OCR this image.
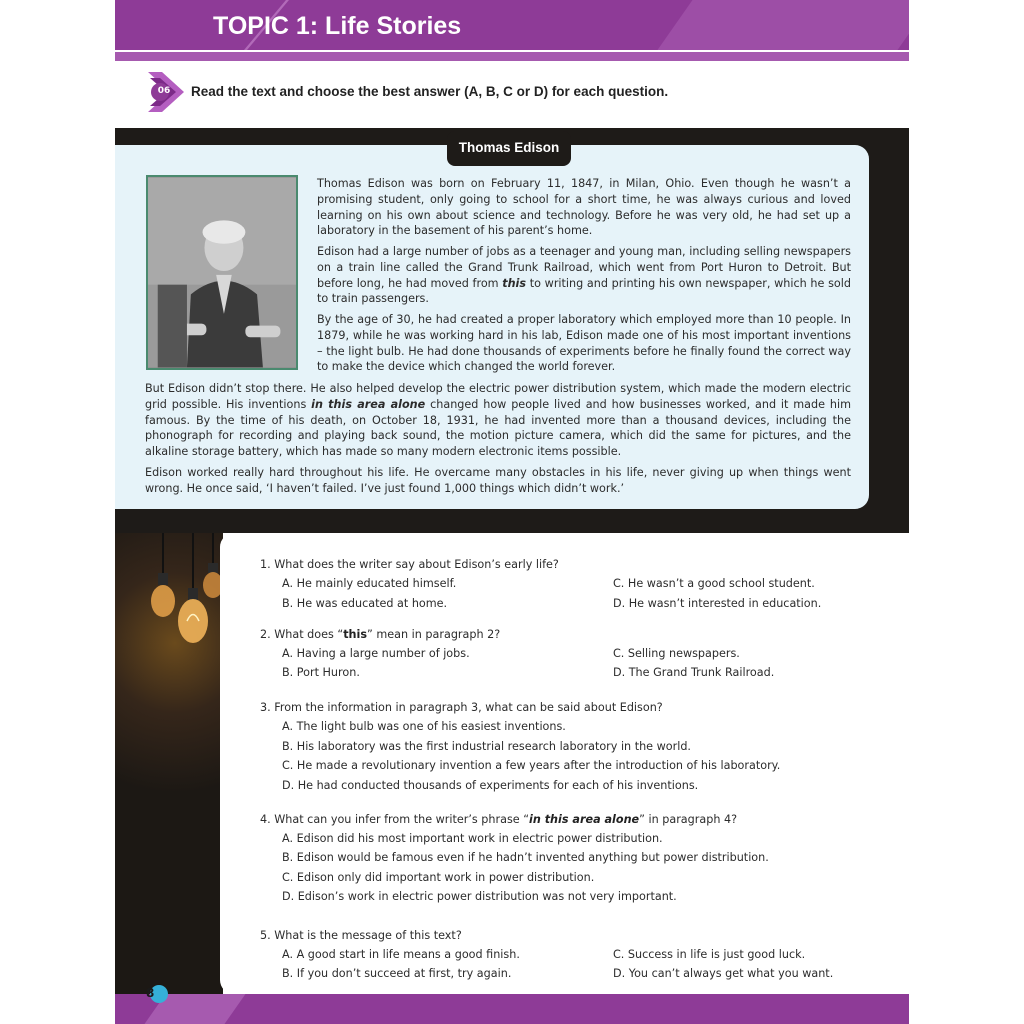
TOPIC 1: Life Stories
06 Read the text and choose the best answer (A, B, C or D) for each question.
Thomas Edison

Thomas Edison was born on February 11, 1847, in Milan, Ohio. Even though he wasn’t a promising student, only going to school for a short time, he was always curious and loved learning on his own about science and technology. Before he was very old, he had set up a laboratory in the basement of his parent’s home.

Edison had a large number of jobs as a teenager and young man, including selling newspapers on a train line called the Grand Trunk Railroad, which went from Port Huron to Detroit. But before long, he had moved from this to writing and printing his own newspaper, which he sold to train passengers.

By the age of 30, he had created a proper laboratory which employed more than 10 people. In 1879, while he was working hard in his lab, Edison made one of his most important inventions – the light bulb. He had done thousands of experiments before he finally found the correct way to make the device which changed the world forever.

But Edison didn’t stop there. He also helped develop the electric power distribution system, which made the modern electric grid possible. His inventions in this area alone changed how people lived and how businesses worked, and it made him famous. By the time of his death, on October 18, 1931, he had invented more than a thousand devices, including the phonograph for recording and playing back sound, the motion picture camera, which did the same for pictures, and the alkaline storage battery, which has made so many modern electronic items possible.

Edison worked really hard throughout his life. He overcame many obstacles in his life, never giving up when things went wrong. He once said, ‘I haven’t failed. I’ve just found 1,000 things which didn’t work.’

1. What does the writer say about Edison’s early life?
A. He mainly educated himself.
B. He was educated at home.
C. He wasn’t a good school student.
D. He wasn’t interested in education.
2. What does “this” mean in paragraph 2?
A. Having a large number of jobs.
B. Port Huron.
C. Selling newspapers.
D. The Grand Trunk Railroad.
3. From the information in paragraph 3, what can be said about Edison?
A. The light bulb was one of his easiest inventions.
B. His laboratory was the first industrial research laboratory in the world.
C. He made a revolutionary invention a few years after the introduction of his laboratory.
D. He had conducted thousands of experiments for each of his inventions.
4. What can you infer from the writer’s phrase “in this area alone” in paragraph 4?
A. Edison did his most important work in electric power distribution.
B. Edison would be famous even if he hadn’t invented anything but power distribution.
C. Edison only did important work in power distribution.
D. Edison’s work in electric power distribution was not very important.
5. What is the message of this text?
A. A good start in life means a good finish.
B. If you don’t succeed at first, try again.
C. Success in life is just good luck.
D. You can’t always get what you want.
8
